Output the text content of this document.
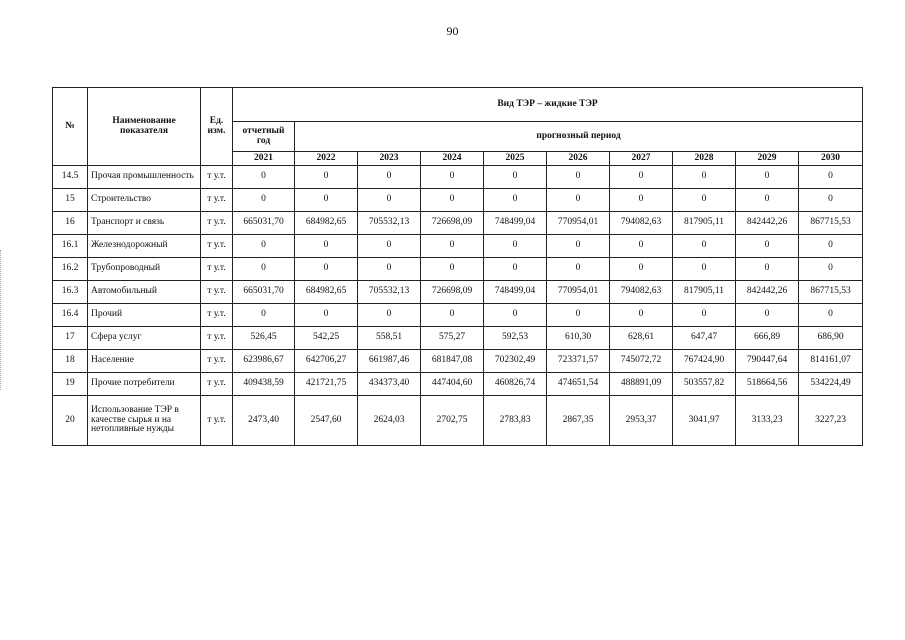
90
№	Наименование показателя	Ед. изм.	Вид ТЭР – жидкие ТЭР									
			отчетный год	прогнозный период								
			2021	2022	2023	2024	2025	2026	2027	2028	2029	2030
14.5	Прочая промышленность	т у.т.	0	0	0	0	0	0	0	0	0	0
15	Строительство	т у.т.	0	0	0	0	0	0	0	0	0	0
16	Транспорт и связь	т у.т.	665031,70	684982,65	705532,13	726698,09	748499,04	770954,01	794082,63	817905,11	842442,26	867715,53
16.1	Железнодорожный	т у.т.	0	0	0	0	0	0	0	0	0	0
16.2	Трубопроводный	т у.т.	0	0	0	0	0	0	0	0	0	0
16.3	Автомобильный	т у.т.	665031,70	684982,65	705532,13	726698,09	748499,04	770954,01	794082,63	817905,11	842442,26	867715,53
16.4	Прочий	т у.т.	0	0	0	0	0	0	0	0	0	0
17	Сфера услуг	т у.т.	526,45	542,25	558,51	575,27	592,53	610,30	628,61	647,47	666,89	686,90
18	Население	т у.т.	623986,67	642706,27	661987,46	681847,08	702302,49	723371,57	745072,72	767424,90	790447,64	814161,07
19	Прочие потребители	т у.т.	409438,59	421721,75	434373,40	447404,60	460826,74	474651,54	488891,09	503557,82	518664,56	534224,49
20	Использование ТЭР в качестве сырья и на нетопливные нужды	т у.т.	2473,40	2547,60	2624,03	2702,75	2783,83	2867,35	2953,37	3041,97	3133,23	3227,23
